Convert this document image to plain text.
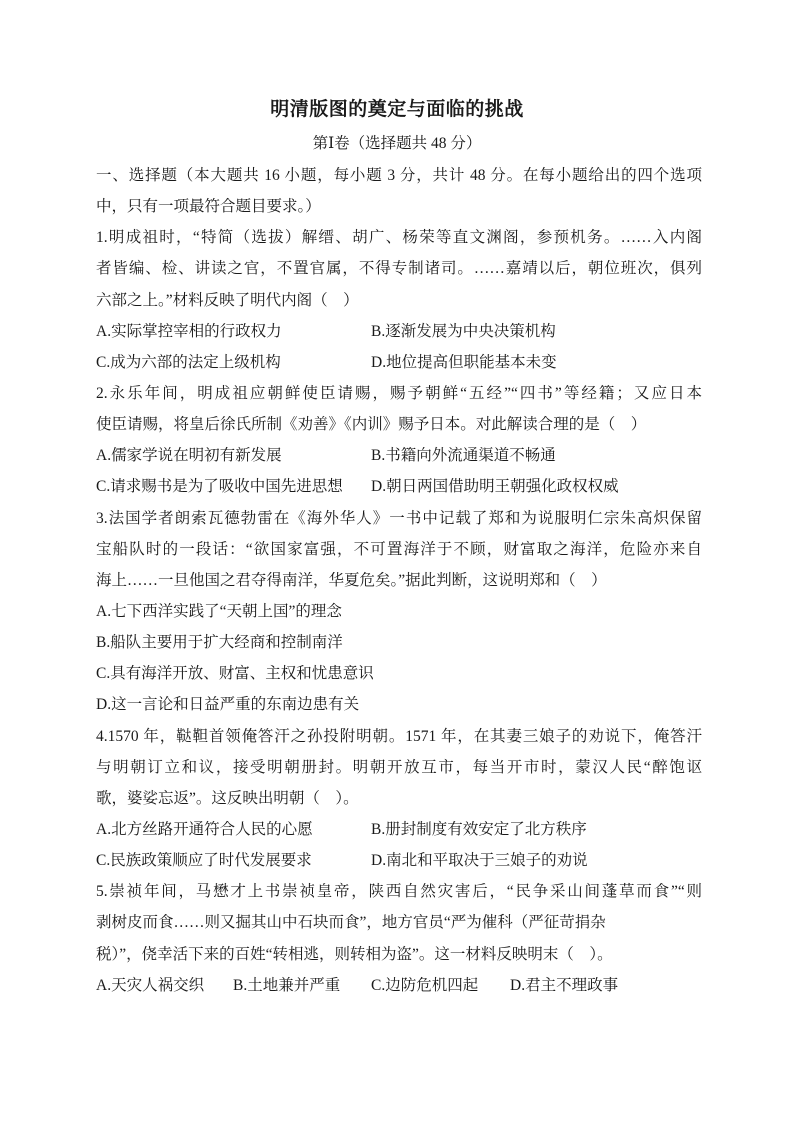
明清版图的奠定与面临的挑战
第Ⅰ卷（选择题共 48 分）
一、选择题（本大题共 16 小题，每小题 3 分，共计 48 分。在每小题给出的四个选项
中，只有一项最符合题目要求。）
1.明成祖时，“特简（选拔）解缙、胡广、杨荣等直文渊阁，参预机务。……入内阁
者皆编、检、讲读之官，不置官属，不得专制诸司。……嘉靖以后，朝位班次，俱列
六部之上。”材料反映了明代内阁（    ）

A.实际掌控宰相的行政权力

	B.逐渐发展为中央决策机构

C.成为六部的法定上级机构

	D.地位提高但职能基本未变

2.永乐年间，明成祖应朝鲜使臣请赐，赐予朝鲜“五经”“四书”等经籍；又应日本
使臣请赐，将皇后徐氏所制《劝善》《内训》赐予日本。对此解读合理的是（    ）

A.儒家学说在明初有新发展

	B.书籍向外流通渠道不畅通

C.请求赐书是为了吸收中国先进思想

D.朝日两国借助明王朝强化政权权威

3.法国学者朗索瓦德勃雷在《海外华人》一书中记载了郑和为说服明仁宗朱高炽保留
宝船队时的一段话：“欲国家富强，不可置海洋于不顾，财富取之海洋，危险亦来自
海上……一旦他国之君夺得南洋，华夏危矣。”据此判断，这说明郑和（    ）
A.七下西洋实践了“天朝上国”的理念
B.船队主要用于扩大经商和控制南洋
C.具有海洋开放、财富、主权和忧患意识
D.这一言论和日益严重的东南边患有关
4.1570 年，鞑靼首领俺答汗之孙投附明朝。1571 年，在其妻三娘子的劝说下，俺答汗
与明朝订立和议，接受明朝册封。明朝开放互市，每当开市时，蒙汉人民“醉饱讴
歌，婆娑忘返”。这反映出明朝（    ）。

A.北方丝路开通符合人民的心愿

	B.册封制度有效安定了北方秩序

C.民族政策顺应了时代发展要求

	D.南北和平取决于三娘子的劝说

5.崇祯年间，马懋才上书崇祯皇帝，陕西自然灾害后，“民争采山间蓬草而食”“则
剥树皮而食……则又掘其山中石块而食”，地方官员“严为催科（严征苛捐杂
税）”，侥幸活下来的百姓“转相逃，则转相为盗”。这一材料反映明末（    ）。

A.天灾人祸交织

B.土地兼并严重

C.边防危机四起

D.君主不理政事
